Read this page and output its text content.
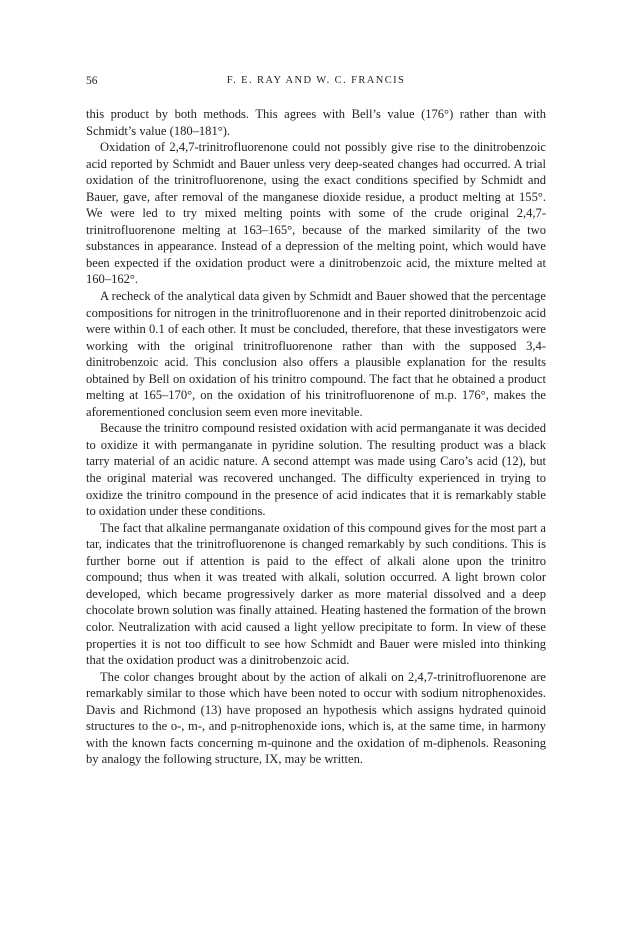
56	F. E. RAY AND W. C. FRANCIS

this product by both methods. This agrees with Bell’s value (176°) rather than with Schmidt’s value (180–181°).

Oxidation of 2,4,7-trinitrofluorenone could not possibly give rise to the dinitrobenzoic acid reported by Schmidt and Bauer unless very deep-seated changes had occurred. A trial oxidation of the trinitrofluorenone, using the exact conditions specified by Schmidt and Bauer, gave, after removal of the manganese dioxide residue, a product melting at 155°. We were led to try mixed melting points with some of the crude original 2,4,7-trinitrofluorenone melting at 163–165°, because of the marked similarity of the two substances in appearance. Instead of a depression of the melting point, which would have been expected if the oxidation product were a dinitrobenzoic acid, the mixture melted at 160–162°.

A recheck of the analytical data given by Schmidt and Bauer showed that the percentage compositions for nitrogen in the trinitrofluorenone and in their reported dinitrobenzoic acid were within 0.1 of each other. It must be concluded, therefore, that these investigators were working with the original trinitrofluorenone rather than with the supposed 3,4-dinitrobenzoic acid. This conclusion also offers a plausible explanation for the results obtained by Bell on oxidation of his trinitro compound. The fact that he obtained a product melting at 165–170°, on the oxidation of his trinitrofluorenone of m.p. 176°, makes the aforementioned conclusion seem even more inevitable.

Because the trinitro compound resisted oxidation with acid permanganate it was decided to oxidize it with permanganate in pyridine solution. The resulting product was a black tarry material of an acidic nature. A second attempt was made using Caro’s acid (12), but the original material was recovered unchanged. The difficulty experienced in trying to oxidize the trinitro compound in the presence of acid indicates that it is remarkably stable to oxidation under these conditions.

The fact that alkaline permanganate oxidation of this compound gives for the most part a tar, indicates that the trinitrofluorenone is changed remarkably by such conditions. This is further borne out if attention is paid to the effect of alkali alone upon the trinitro compound; thus when it was treated with alkali, solution occurred. A light brown color developed, which became progressively darker as more material dissolved and a deep chocolate brown solution was finally attained. Heating hastened the formation of the brown color. Neutralization with acid caused a light yellow precipitate to form. In view of these properties it is not too difficult to see how Schmidt and Bauer were misled into thinking that the oxidation product was a dinitrobenzoic acid.

The color changes brought about by the action of alkali on 2,4,7-trinitrofluorenone are remarkably similar to those which have been noted to occur with sodium nitrophenoxides. Davis and Richmond (13) have proposed an hypothesis which assigns hydrated quinoid structures to the o-, m-, and p-nitrophenoxide ions, which is, at the same time, in harmony with the known facts concerning m-quinone and the oxidation of m-diphenols. Reasoning by analogy the following structure, IX, may be written.
